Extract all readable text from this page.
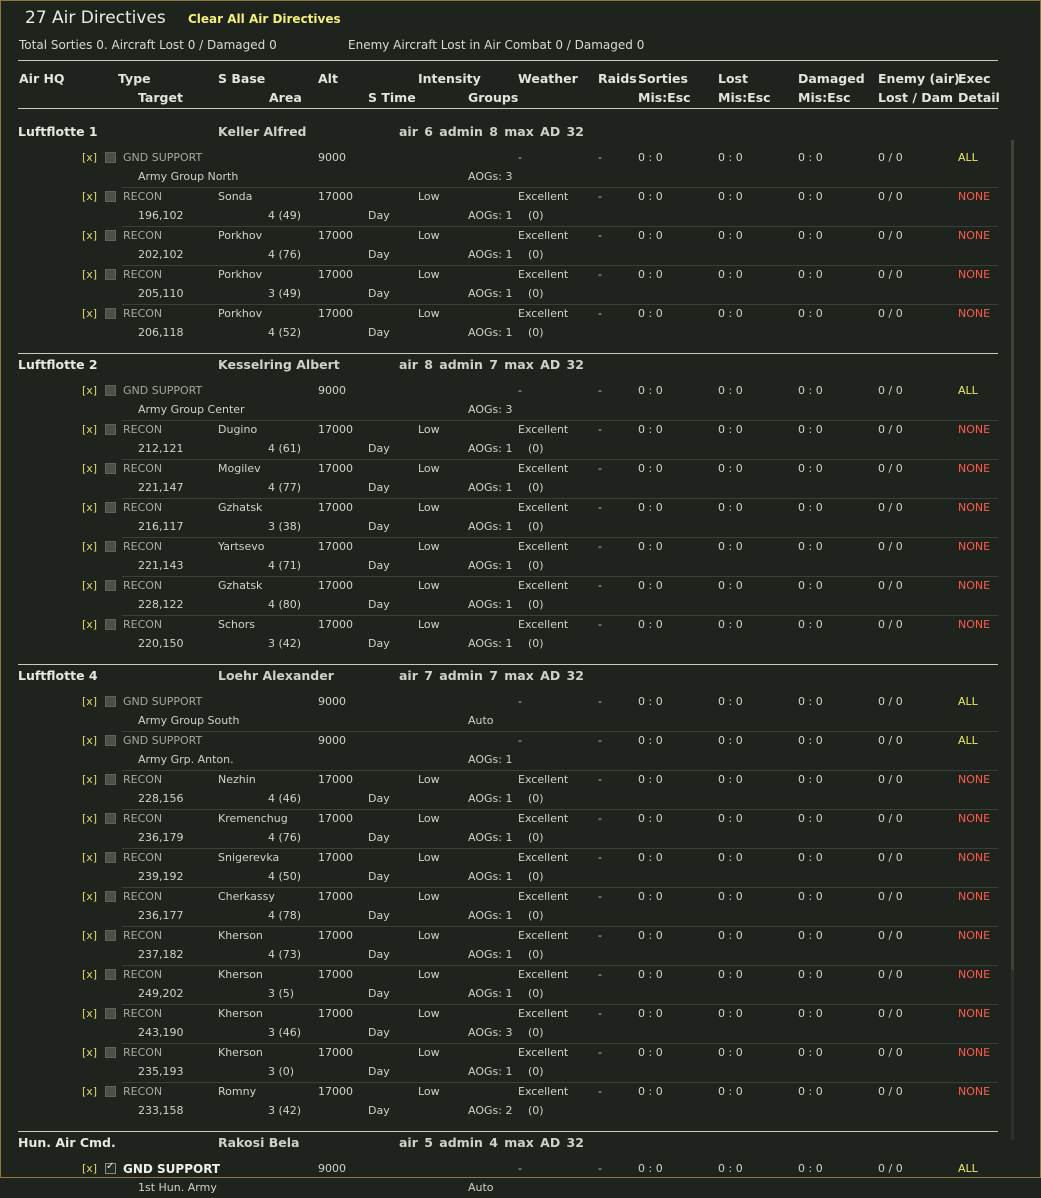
27 Air Directives Clear All Air Directives
Total Sorties 0. Aircraft Lost 0 / Damaged 0	Enemy Aircraft Lost in Air Combat 0 / Damaged 0
Air HQ	Type
Target
S Base
Area
Alt
S Time
Intensity
Groups
Weather Raids Sorties
Mis:Esc
Lost
Mis:Esc
Damaged
Mis:Esc
Enemy (air)
Lost / Dam
Exec
Detail
Luftflotte 1	Keller Alfred	air 6 admin 8 max AD 32
[x] GND SUPPORT	9000	-	-	0 : 0	0 : 0	0 : 0	0 / 0	ALL
Army Group North	AOGs: 3
[x] RECON	Sonda	17000	Low	Excellent	-	0 : 0	0 : 0	0 : 0	0 / 0	NONE
196,102	4 (49)	Day	AOGs: 1 (0)
[x] RECON	Porkhov	17000	Low	Excellent	-	0 : 0	0 : 0	0 : 0	0 / 0	NONE
202,102	4 (76)	Day	AOGs: 1 (0)
[x] RECON	Porkhov	17000	Low	Excellent	-	0 : 0	0 : 0	0 : 0	0 / 0	NONE
205,110	3 (49)	Day	AOGs: 1 (0)
[x] RECON	Porkhov	17000	Low	Excellent	-	0 : 0	0 : 0	0 : 0	0 / 0	NONE
206,118	4 (52)	Day	AOGs: 1 (0)
Luftflotte 2	Kesselring Albert	air 8 admin 7 max AD 32
[x] GND SUPPORT	9000	-	-	0 : 0	0 : 0	0 : 0	0 / 0	ALL
Army Group Center	AOGs: 3
[x] RECON	Dugino	17000	Low	Excellent	-	0 : 0	0 : 0	0 : 0	0 / 0	NONE
212,121	4 (61)	Day	AOGs: 1 (0)
[x] RECON	Mogilev	17000	Low	Excellent	-	0 : 0	0 : 0	0 : 0	0 / 0	NONE
221,147	4 (77)	Day	AOGs: 1 (0)
[x] RECON	Gzhatsk	17000	Low	Excellent	-	0 : 0	0 : 0	0 : 0	0 / 0	NONE
216,117	3 (38)	Day	AOGs: 1 (0)
[x] RECON	Yartsevo	17000	Low	Excellent	-	0 : 0	0 : 0	0 : 0	0 / 0	NONE
221,143	4 (71)	Day	AOGs: 1 (0)
[x] RECON	Gzhatsk	17000	Low	Excellent	-	0 : 0	0 : 0	0 : 0	0 / 0	NONE
228,122	4 (80)	Day	AOGs: 1 (0)
[x] RECON	Schors	17000	Low	Excellent	-	0 : 0	0 : 0	0 : 0	0 / 0	NONE
220,150	3 (42)	Day	AOGs: 1 (0)
Luftflotte 4	Loehr Alexander	air 7 admin 7 max AD 32
[x] GND SUPPORT	9000	-	-	0 : 0	0 : 0	0 : 0	0 / 0	ALL
Army Group South	Auto
[x] GND SUPPORT	9000	-	-	0 : 0	0 : 0	0 : 0	0 / 0	ALL
Army Grp. Anton.	AOGs: 1
[x] RECON	Nezhin	17000	Low	Excellent	-	0 : 0	0 : 0	0 : 0	0 / 0	NONE
228,156	4 (46)	Day	AOGs: 1 (0)
[x] RECON	Kremenchug	17000	Low	Excellent	-	0 : 0	0 : 0	0 : 0	0 / 0	NONE
236,179	4 (76)	Day	AOGs: 1 (0)
[x] RECON	Snigerevka	17000	Low	Excellent	-	0 : 0	0 : 0	0 : 0	0 / 0	NONE
239,192	4 (50)	Day	AOGs: 1 (0)
[x] RECON	Cherkassy	17000	Low	Excellent	-	0 : 0	0 : 0	0 : 0	0 / 0	NONE
236,177	4 (78)	Day	AOGs: 1 (0)
[x] RECON	Kherson	17000	Low	Excellent	-	0 : 0	0 : 0	0 : 0	0 / 0	NONE
237,182	4 (73)	Day	AOGs: 1 (0)
[x] RECON	Kherson	17000	Low	Excellent	-	0 : 0	0 : 0	0 : 0	0 / 0	NONE
249,202	3 (5)	Day	AOGs: 1 (0)
[x] RECON	Kherson	17000	Low	Excellent	-	0 : 0	0 : 0	0 : 0	0 / 0	NONE
243,190	3 (46)	Day	AOGs: 3 (0)
[x] RECON	Kherson	17000	Low	Excellent	-	0 : 0	0 : 0	0 : 0	0 / 0	NONE
235,193	3 (0)	Day	AOGs: 1 (0)
[x] RECON	Romny	17000	Low	Excellent	-	0 : 0	0 : 0	0 : 0	0 / 0	NONE
233,158	3 (42)	Day	AOGs: 2 (0)
Hun. Air Cmd.	Rakosi Bela	air 5 admin 4 max AD 32
[x]
✓ GND SUPPORT	9000	-	-	0 : 0	0 : 0	0 : 0	0 / 0	ALL
1st Hun. Army	Auto
